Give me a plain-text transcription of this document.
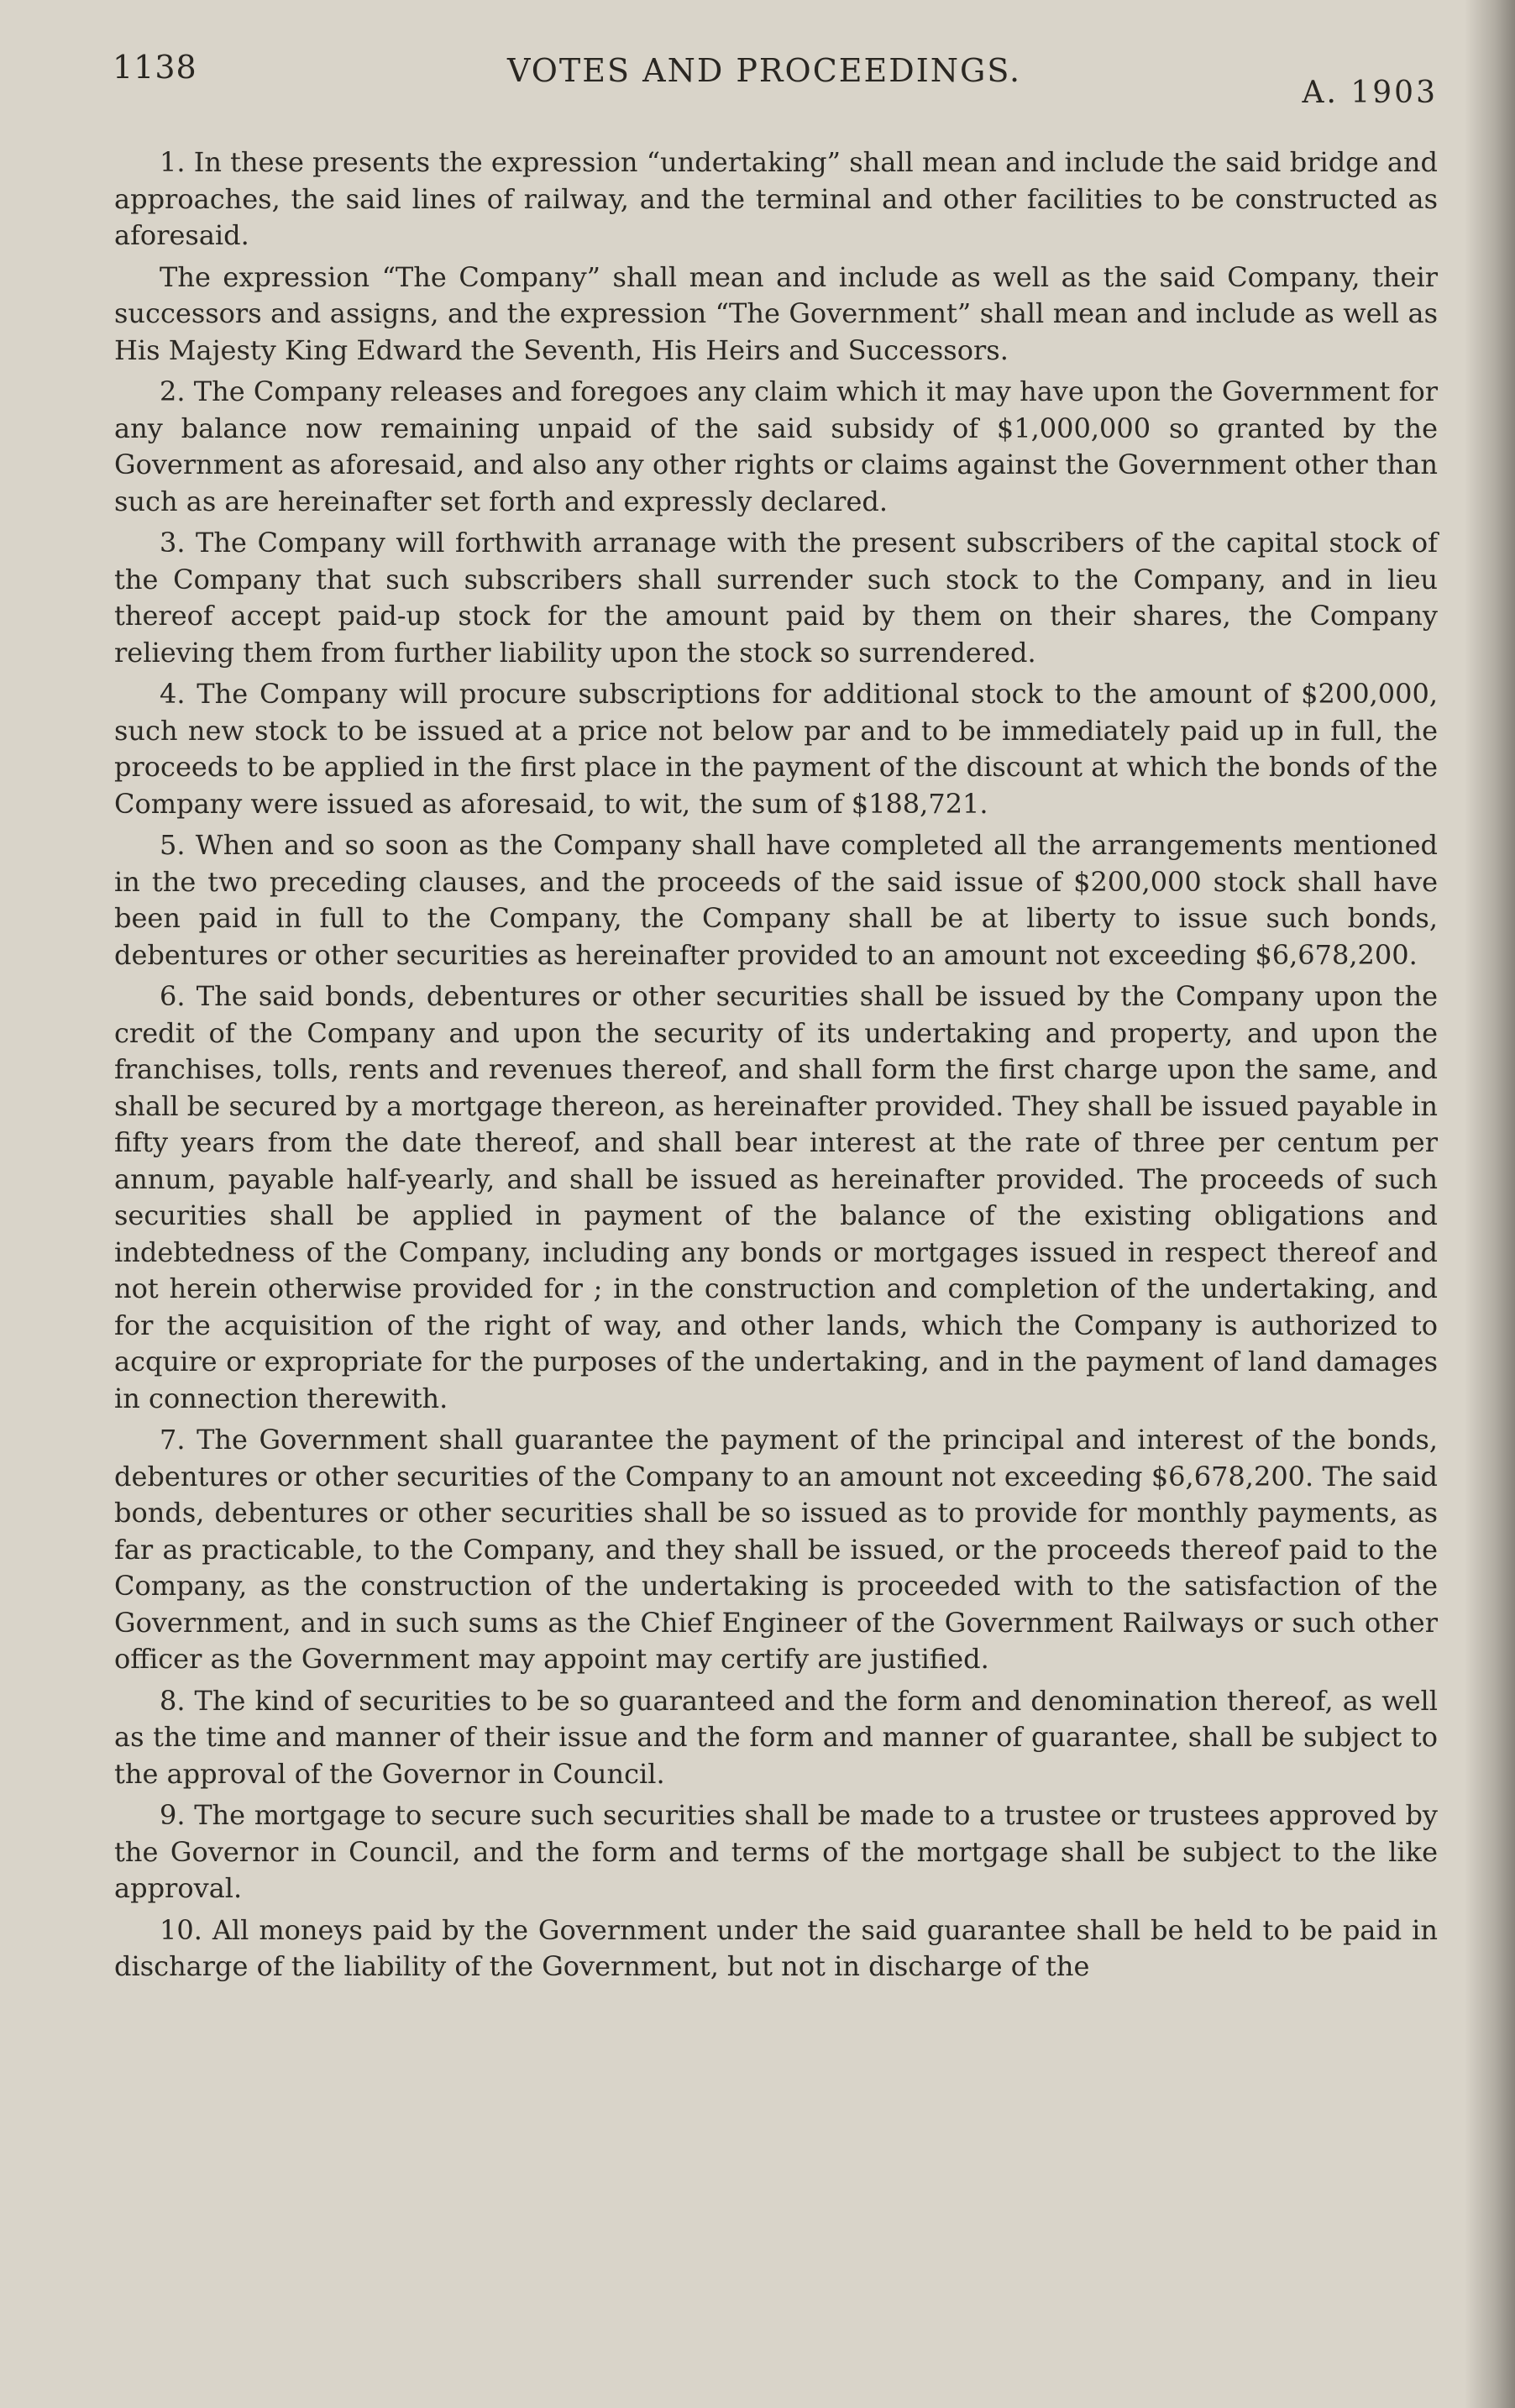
1138	VOTES AND PROCEEDINGS.
A. 1903

1. In these presents the expression “undertaking” shall mean and include the said bridge and approaches, the said lines of railway, and the terminal and other facilities to be constructed as aforesaid.

The expression “The Company” shall mean and include as well as the said Company, their successors and assigns, and the expression “The Government” shall mean and include as well as His Majesty King Edward the Seventh, His Heirs and Successors.

2. The Company releases and foregoes any claim which it may have upon the Government for any balance now remaining unpaid of the said subsidy of $1,000,000 so granted by the Government as aforesaid, and also any other rights or claims against the Government other than such as are hereinafter set forth and expressly declared.

3. The Company will forthwith arranage with the present subscribers of the capital stock of the Company that such subscribers shall surrender such stock to the Company, and in lieu thereof accept paid-up stock for the amount paid by them on their shares, the Company relieving them from further liability upon the stock so surrendered.

4. The Company will procure subscriptions for additional stock to the amount of $200,000, such new stock to be issued at a price not below par and to be immediately paid up in full, the proceeds to be applied in the first place in the payment of the discount at which the bonds of the Company were issued as aforesaid, to wit, the sum of $188,721.

5. When and so soon as the Company shall have completed all the arrangements mentioned in the two preceding clauses, and the proceeds of the said issue of $200,000 stock shall have been paid in full to the Company, the Company shall be at liberty to issue such bonds, debentures or other securities as hereinafter provided to an amount not exceeding $6,678,200.

6. The said bonds, debentures or other securities shall be issued by the Company upon the credit of the Company and upon the security of its undertaking and property, and upon the franchises, tolls, rents and revenues thereof, and shall form the first charge upon the same, and shall be secured by a mortgage thereon, as hereinafter provided. They shall be issued payable in fifty years from the date thereof, and shall bear interest at the rate of three per centum per annum, payable half-yearly, and shall be issued as hereinafter provided. The proceeds of such securities shall be applied in payment of the balance of the existing obligations and indebtedness of the Company, including any bonds or mortgages issued in respect thereof and not herein otherwise provided for ; in the construction and completion of the undertaking, and for the acquisition of the right of way, and other lands, which the Company is authorized to acquire or expropriate for the purposes of the undertaking, and in the payment of land damages in connection therewith.

7. The Government shall guarantee the payment of the principal and interest of the bonds, debentures or other securities of the Company to an amount not exceeding $6,678,200. The said bonds, debentures or other securities shall be so issued as to provide for monthly payments, as far as practicable, to the Company, and they shall be issued, or the proceeds thereof paid to the Company, as the construction of the undertaking is proceeded with to the satisfaction of the Government, and in such sums as the Chief Engineer of the Government Railways or such other officer as the Government may appoint may certify are justified.

8. The kind of securities to be so guaranteed and the form and denomination thereof, as well as the time and manner of their issue and the form and manner of guarantee, shall be subject to the approval of the Governor in Council.

9. The mortgage to secure such securities shall be made to a trustee or trustees approved by the Governor in Council, and the form and terms of the mortgage shall be subject to the like approval.

10. All moneys paid by the Government under the said guarantee shall be held to be paid in discharge of the liability of the Government, but not in discharge of the
